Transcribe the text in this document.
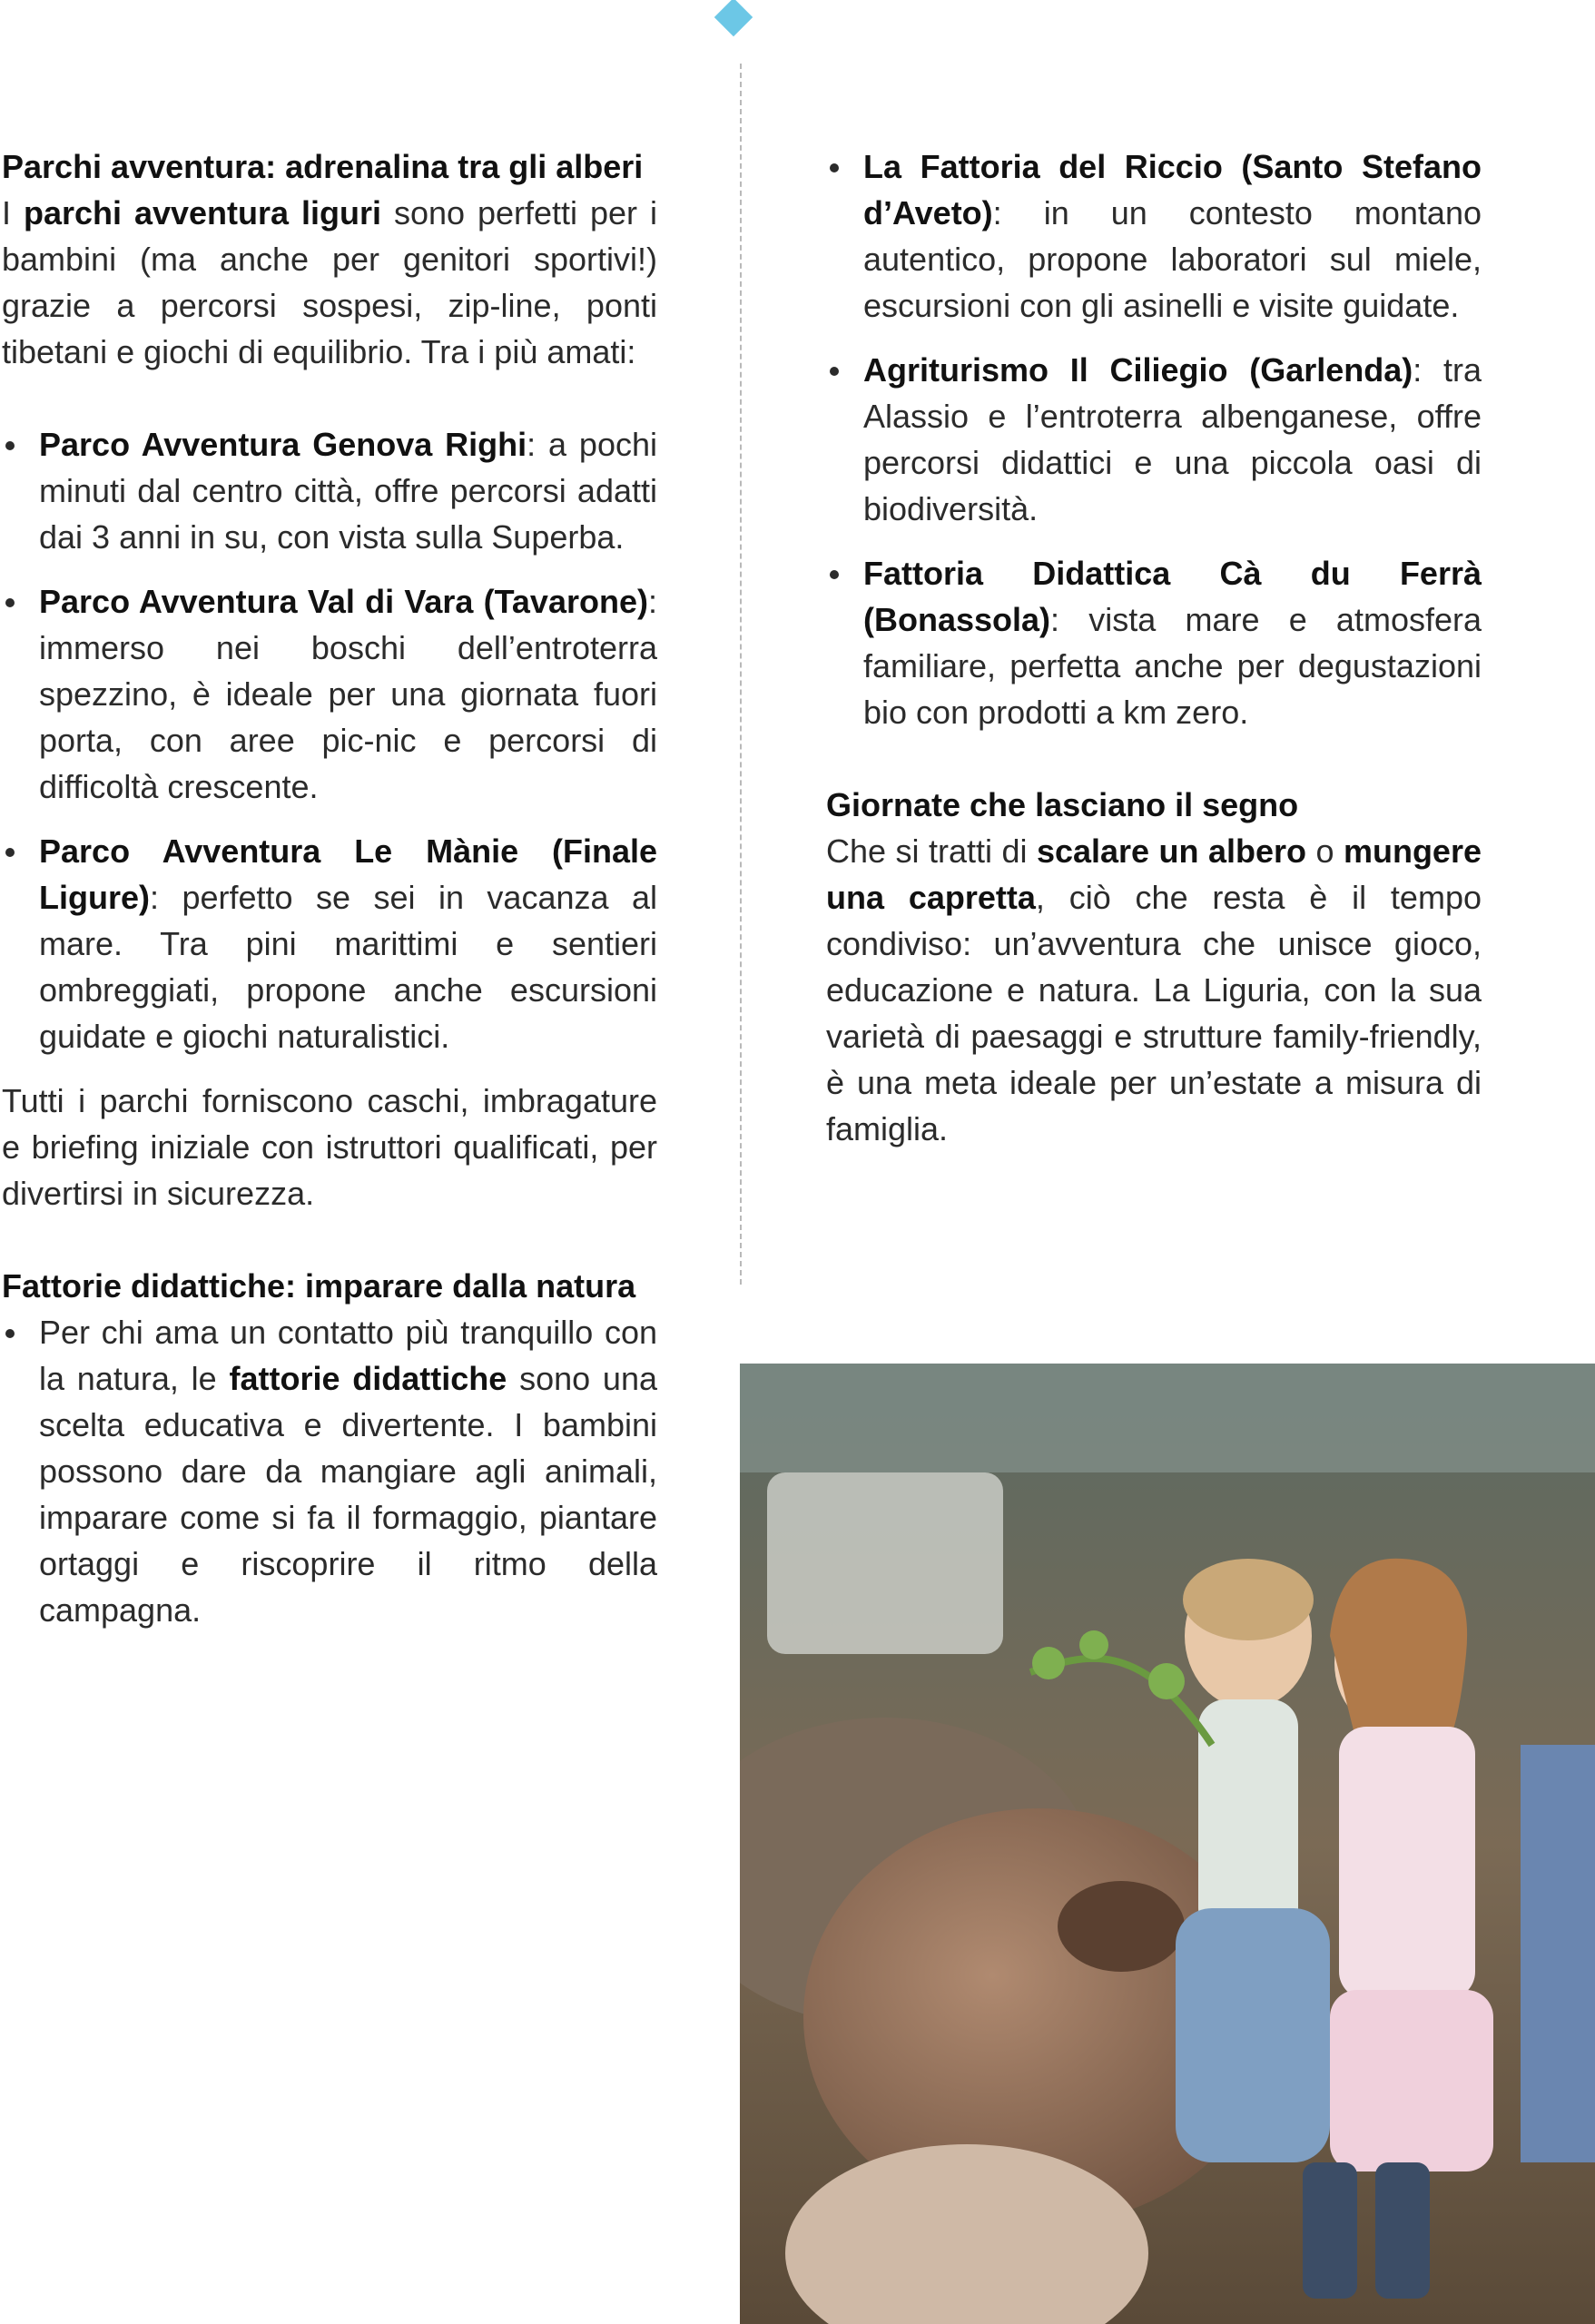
Parchi avventura: adrenalina tra gli alberi

I parchi avventura liguri sono perfetti per i bambini (ma anche per genitori sportivi!) grazie a percorsi sospesi, zip-line, ponti tibetani e giochi di equilibrio. Tra i più amati:

Parco Avventura Genova Righi: a pochi minuti dal centro città, offre percorsi adatti dai 3 anni in su, con vista sulla Superba.
Parco Avventura Val di Vara (Tavarone): immerso nei boschi dell’entroterra spezzino, è ideale per una giornata fuori porta, con aree pic-nic e percorsi di difficoltà crescente.
Parco Avventura Le Mànie (Finale Ligure): perfetto se sei in vacanza al mare. Tra pini marittimi e sentieri ombreggiati, propone anche escursioni guidate e giochi naturalistici.

Tutti i parchi forniscono caschi, imbragature e briefing iniziale con istruttori qualificati, per divertirsi in sicurezza.

Fattorie didattiche: imparare dalla natura
Per chi ama un contatto più tranquillo con la natura, le fattorie didattiche sono una scelta educativa e divertente. I bambini possono dare da mangiare agli animali, imparare come si fa il formaggio, piantare ortaggi e riscoprire il ritmo della campagna.
La Fattoria del Riccio (Santo Stefano d’Aveto): in un contesto montano autentico, propone laboratori sul miele, escursioni con gli asinelli e visite guidate.
Agriturismo Il Ciliegio (Garlenda): tra Alassio e l’entroterra albenganese, offre percorsi didattici e una piccola oasi di biodiversità.
Fattoria Didattica Cà du Ferrà (Bonassola): vista mare e atmosfera familiare, perfetta anche per degustazioni bio con prodotti a km zero.
Giornate che lasciano il segno

Che si tratti di scalare un albero o mungere una capretta, ciò che resta è il tempo condiviso: un’avventura che unisce gioco, educazione e natura. La Liguria, con la sua varietà di paesaggi e strutture family-friendly, è una meta ideale per un’estate a misura di famiglia.
